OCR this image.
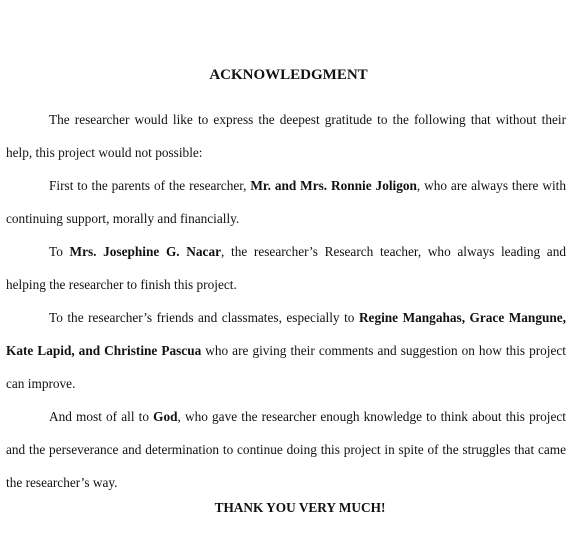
ACKNOWLEDGMENT

The researcher would like to express the deepest gratitude to the following that without their help, this project would not possible:

First to the parents of the researcher, Mr. and Mrs. Ronnie Joligon, who are always there with continuing support, morally and financially.

To Mrs. Josephine G. Nacar, the researcher’s Research teacher, who always leading and helping the researcher to finish this project.

To the researcher’s friends and classmates, especially to Regine Mangahas, Grace Mangune, Kate Lapid, and Christine Pascua who are giving their comments and suggestion on how this project can improve.

And most of all to God, who gave the researcher enough knowledge to think about this project and the perseverance and determination to continue doing this project in spite of the struggles that came the researcher’s way.

THANK YOU VERY MUCH!
